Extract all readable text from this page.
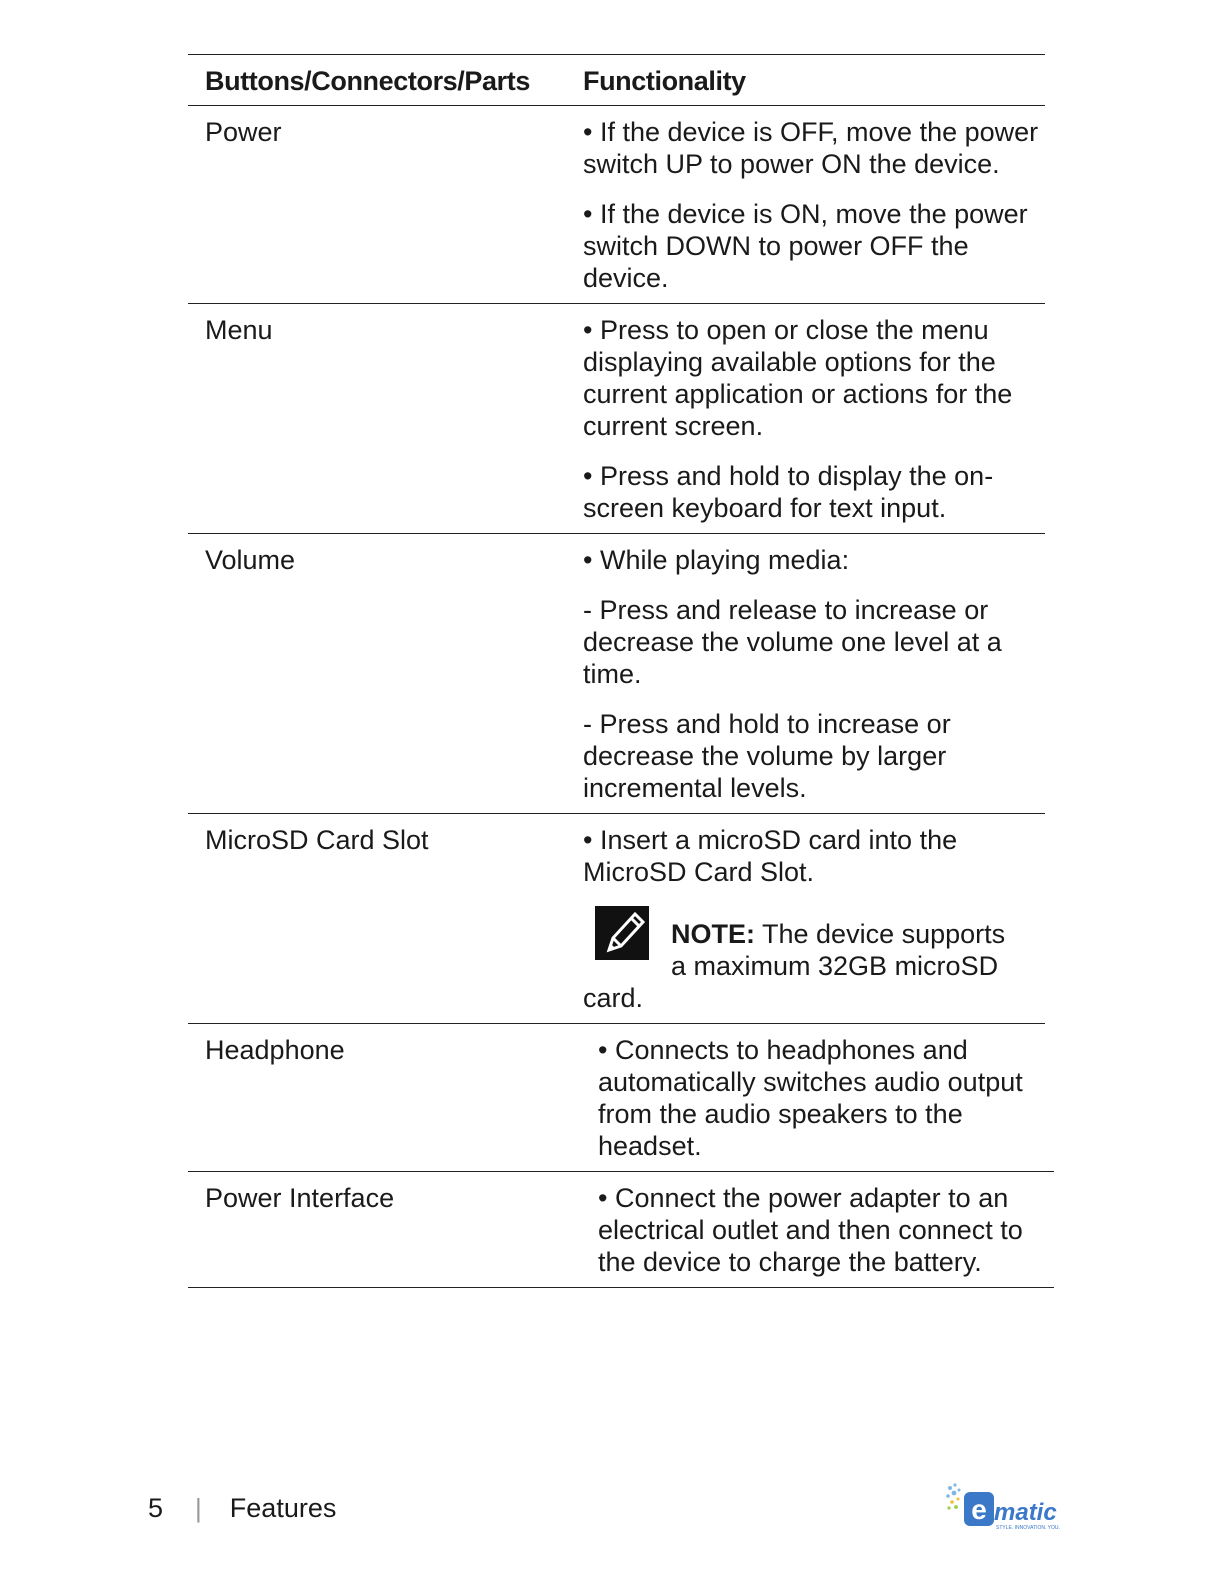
Buttons/Connectors/Parts	Functionality
Power	• If the device is OFF, move the power switch UP to power ON the device.

• If the device is ON, move the power switch DOWN to power OFF the device.

Menu	• Press to open or close the menu displaying available options for the current application or actions for the current screen.

• Press and hold to display the on-screen keyboard for text input.

Volume	• While playing media:

- Press and release to increase or decrease the volume one level at a time.

- Press and hold to increase or decrease the volume by larger incremental levels.

MicroSD Card Slot	• Insert a microSD card into the MicroSD Card Slot.

NOTE: The device supports
a maximum 32GB microSD
card.
Headphone	• Connects to headphones and automatically switches audio output from the audio speakers to the headset.

Power Interface	• Connect the power adapter to an electrical outlet and then connect to the device to charge the battery.

5 | Features	e matic
STYLE. INNOVATION. YOU.
